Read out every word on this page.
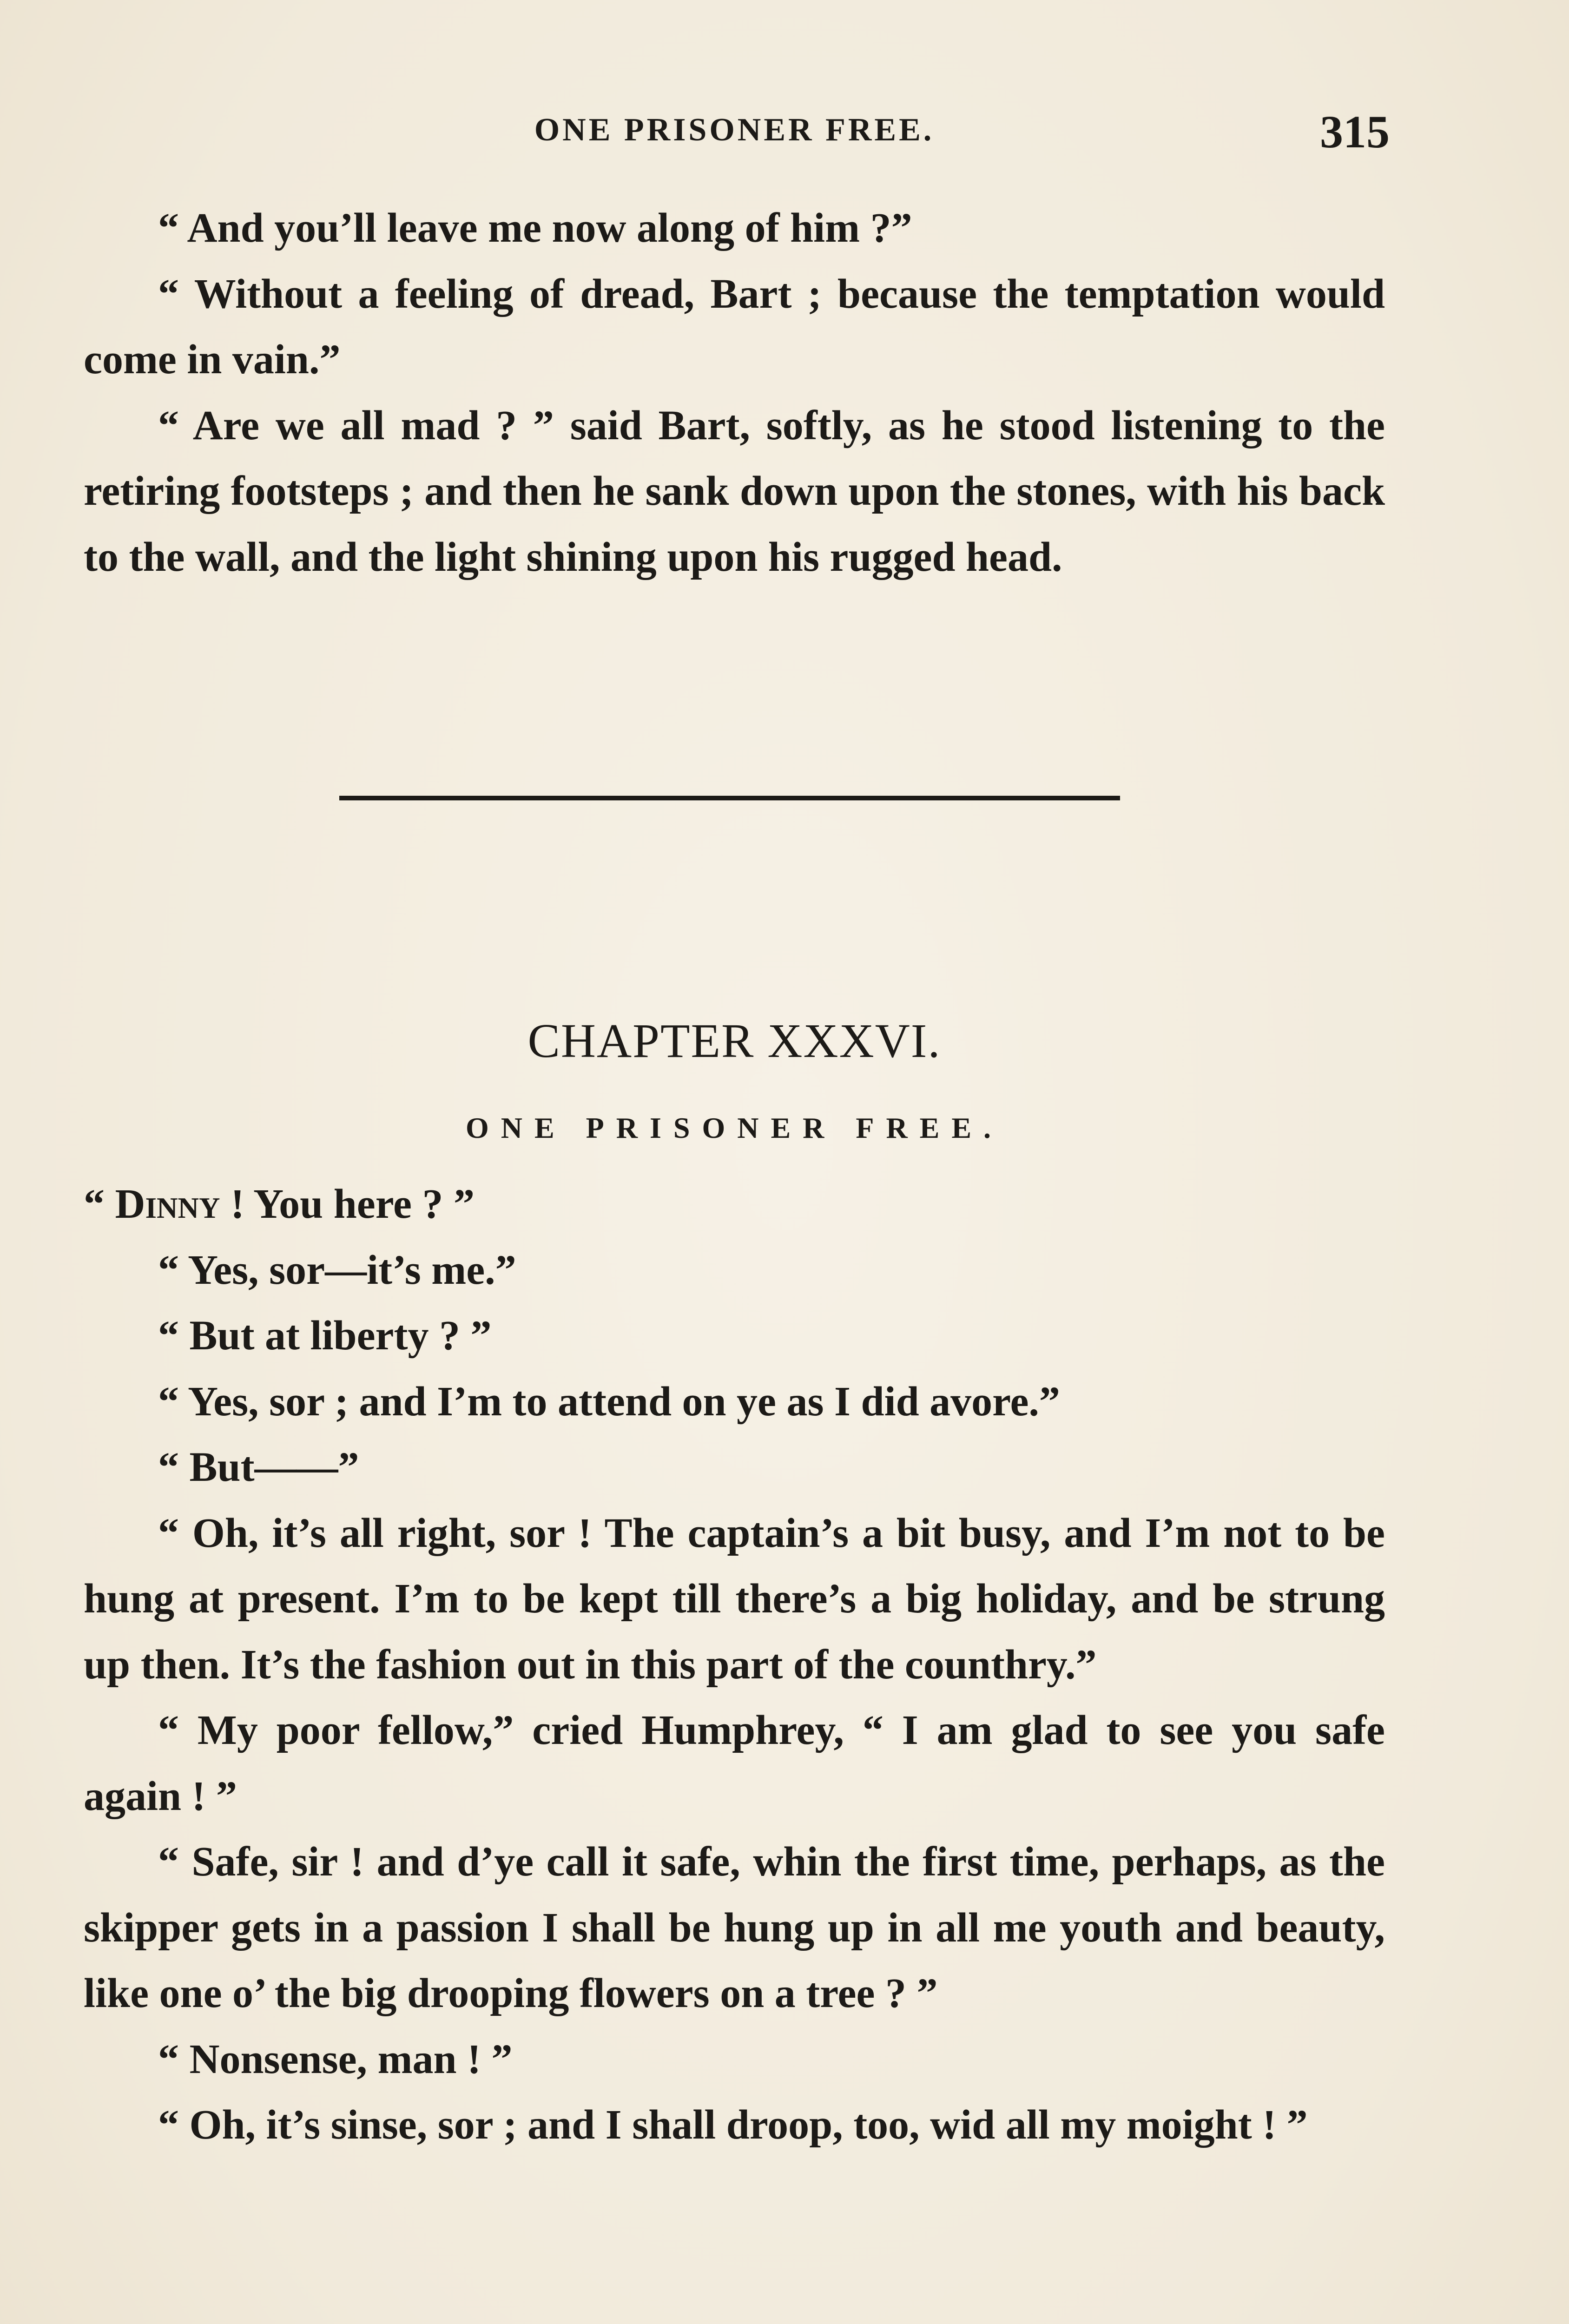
ONE PRISONER FREE.	315

“ And you’ll leave me now along of him ?”

“ Without a feeling of dread, Bart ; because the temptation would come in vain.”

“ Are we all mad ? ” said Bart, softly, as he stood listening to the retiring footsteps ; and then he sank down upon the stones, with his back to the wall, and the light shining upon his rugged head.

CHAPTER XXXVI.
ONE PRISONER FREE.

“ Dinny ! You here ? ”

“ Yes, sor—it’s me.”

“ But at liberty ? ”

“ Yes, sor ; and I’m to attend on ye as I did avore.”

“ But——”

“ Oh, it’s all right, sor ! The captain’s a bit busy, and I’m not to be hung at present. I’m to be kept till there’s a big holiday, and be strung up then. It’s the fashion out in this part of the counthry.”

“ My poor fellow,” cried Humphrey, “ I am glad to see you safe again ! ”

“ Safe, sir ! and d’ye call it safe, whin the first time, perhaps, as the skipper gets in a passion I shall be hung up in all me youth and beauty, like one o’ the big drooping flowers on a tree ? ”

“ Nonsense, man ! ”

“ Oh, it’s sinse, sor ; and I shall droop, too, wid all my moight ! ”
